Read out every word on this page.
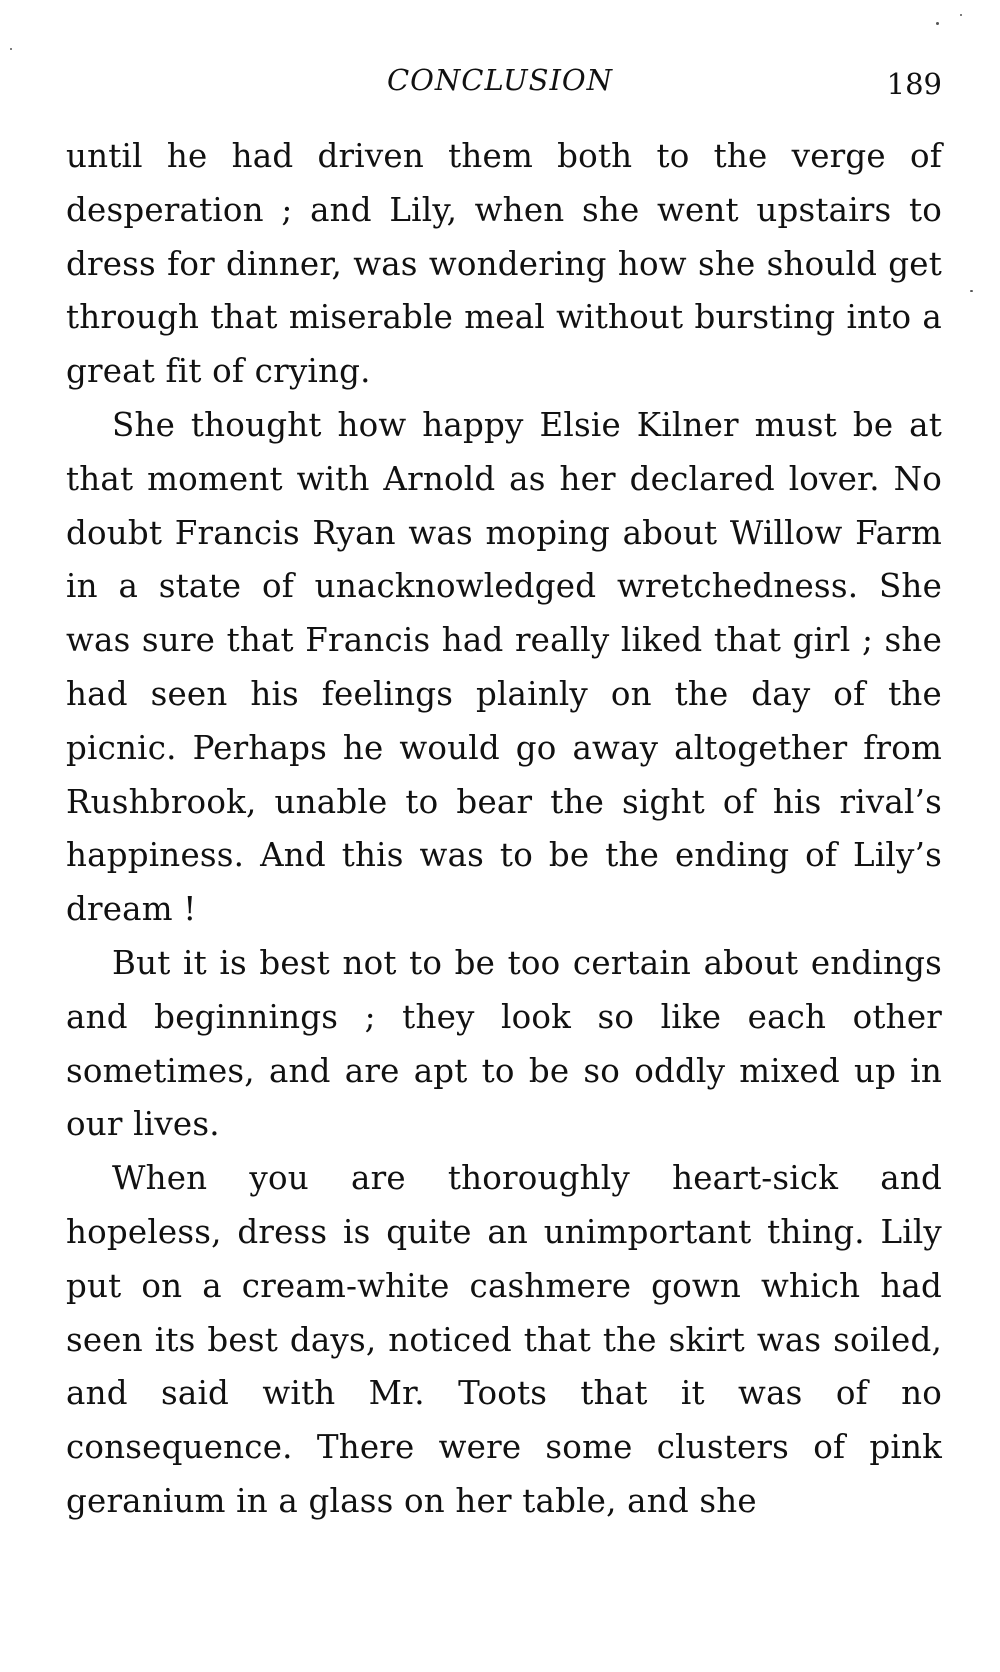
CONCLUSION	189

until he had driven them both to the verge of desperation ; and Lily, when she went upstairs to dress for dinner, was wondering how she should get through that miserable meal without bursting into a great fit of crying.

She thought how happy Elsie Kilner must be at that moment with Arnold as her declared lover. No doubt Francis Ryan was moping about Willow Farm in a state of unacknowledged wretchedness. She was sure that Francis had really liked that girl ; she had seen his feelings plainly on the day of the picnic. Perhaps he would go away altogether from Rushbrook, unable to bear the sight of his rival’s happiness. And this was to be the ending of Lily’s dream !

But it is best not to be too certain about endings and beginnings ; they look so like each other sometimes, and are apt to be so oddly mixed up in our lives.

When you are thoroughly heart-sick and hopeless, dress is quite an unimportant thing. Lily put on a cream-white cashmere gown which had seen its best days, noticed that the skirt was soiled, and said with Mr. Toots that it was of no consequence. There were some clusters of pink geranium in a glass on her table, and she
